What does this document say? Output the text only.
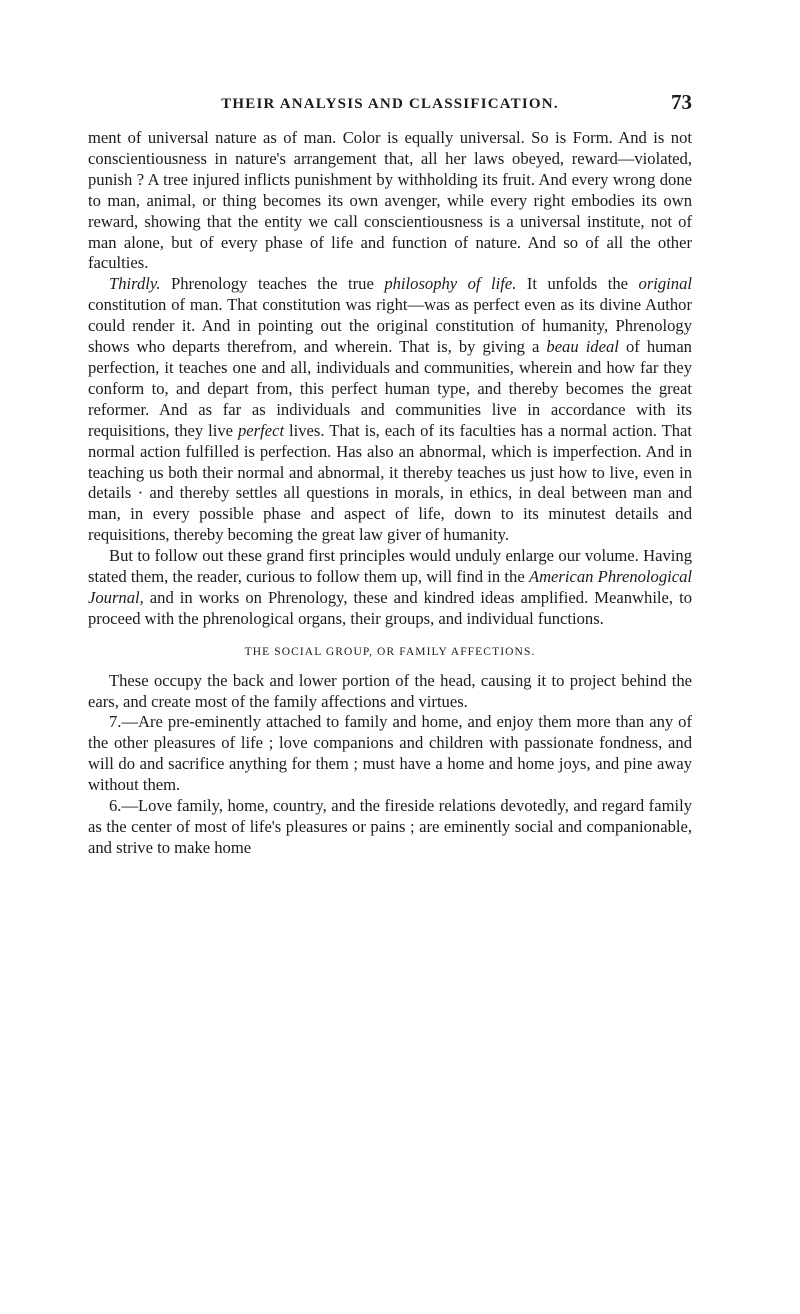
THEIR ANALYSIS AND CLASSIFICATION.	73

ment of universal nature as of man. Color is equally universal. So is Form. And is not conscientiousness in nature's arrangement that, all her laws obeyed, reward—violated, punish ? A tree injured inflicts punishment by withholding its fruit. And every wrong done to man, animal, or thing becomes its own avenger, while every right embodies its own reward, showing that the entity we call conscientiousness is a universal institute, not of man alone, but of every phase of life and function of nature. And so of all the other faculties.

Thirdly. Phrenology teaches the true philosophy of life. It unfolds the original constitution of man. That constitution was right—was as perfect even as its divine Author could render it. And in pointing out the original constitution of humanity, Phrenology shows who departs therefrom, and wherein. That is, by giving a beau ideal of human perfection, it teaches one and all, individuals and communities, wherein and how far they conform to, and depart from, this perfect human type, and thereby becomes the great reformer. And as far as individuals and communities live in accordance with its requisitions, they live perfect lives. That is, each of its faculties has a normal action. That normal action fulfilled is perfection. Has also an abnormal, which is imperfection. And in teaching us both their normal and abnormal, it thereby teaches us just how to live, even in details · and thereby settles all questions in morals, in ethics, in deal between man and man, in every possible phase and aspect of life, down to its minutest details and requisitions, thereby becoming the great law giver of humanity.

But to follow out these grand first principles would unduly enlarge our volume. Having stated them, the reader, curious to follow them up, will find in the American Phrenological Journal, and in works on Phrenology, these and kindred ideas amplified. Meanwhile, to proceed with the phrenological organs, their groups, and individual functions.

THE SOCIAL GROUP, OR FAMILY AFFECTIONS.

These occupy the back and lower portion of the head, causing it to project behind the ears, and create most of the family affections and virtues.

7.—Are pre-eminently attached to family and home, and enjoy them more than any of the other pleasures of life ; love companions and children with passionate fondness, and will do and sacrifice anything for them ; must have a home and home joys, and pine away without them.

6.—Love family, home, country, and the fireside relations devotedly, and regard family as the center of most of life's pleasures or pains ; are eminently social and companionable, and strive to make home
